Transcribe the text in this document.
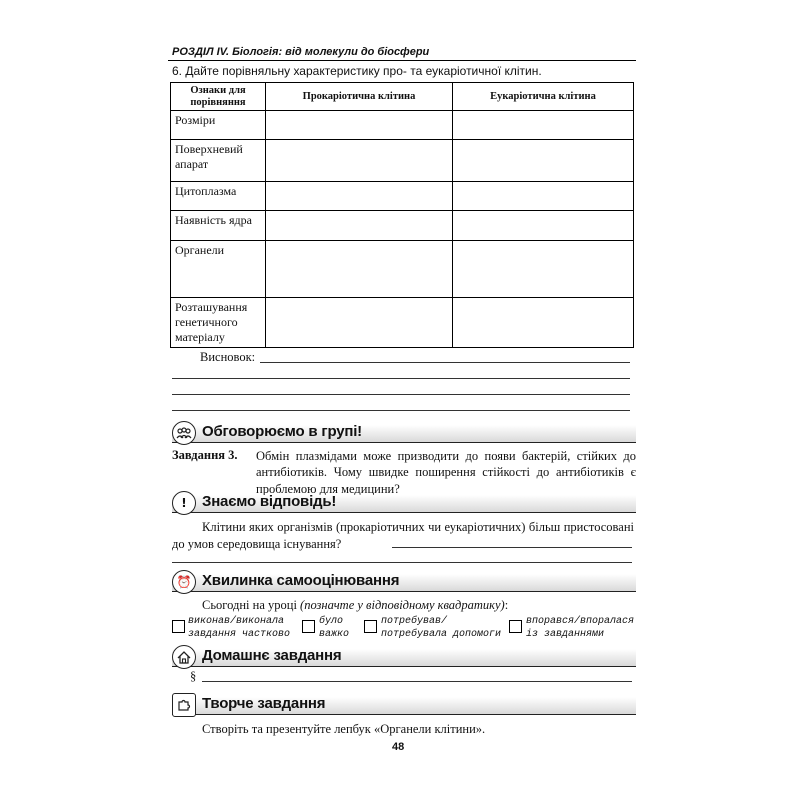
РОЗДІЛ IV. Біологія: від молекули до біосфери
6. Дайте порівняльну характеристику про- та еукаріотичної клітин.
Ознаки для порівняння	Прокаріотична клітина	Еукаріотична клітина
Розміри		
Поверхневий апарат		
Цитоплазма		
Наявність ядра		
Органели		
Розташування генетичного матеріалу		
Висновок:
Обговорюємо в групі!
Завдання 3. Обмін плазмідами може призводити до появи бактерій, стійких до антибіотиків. Чому швидке поширення стійкості до антибіотиків є проблемою для медицини?
!	Знаємо відповідь!
Клітини яких організмів (прокаріотичних чи еукаріотичних) більш пристосовані до умов середовища існування?
⏰ Хвилинка самооцінювання
Сьогодні на уроці (позначте у відповідному квадратику):
виконав/виконала завдання частково
було важко
потребував/ потребувала допомоги
впорався/впоралася із завданнями
Домашнє завдання
§
Творче завдання
Створіть та презентуйте лепбук «Органели клітини».
48
